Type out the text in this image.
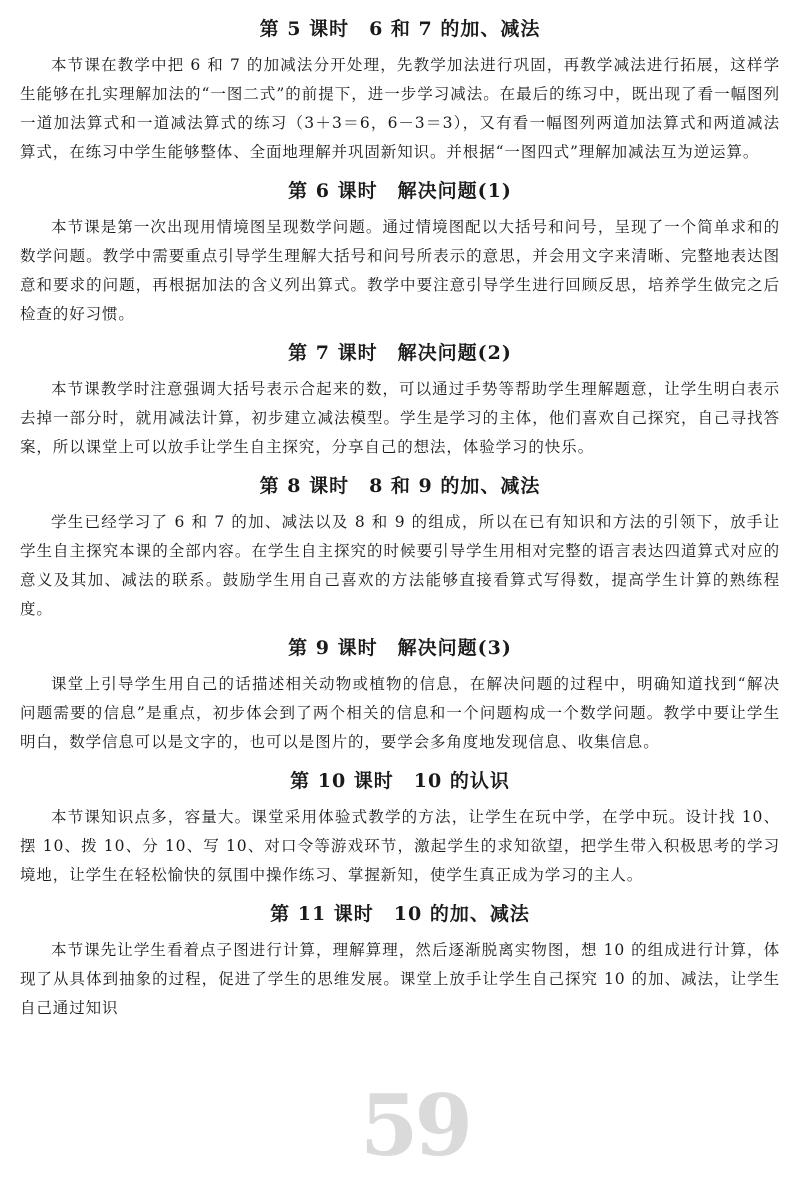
第 5 课时　6 和 7 的加、减法

本节课在教学中把 6 和 7 的加减法分开处理，先教学加法进行巩固，再教学减法进行拓展，这样学生能够在扎实理解加法的“一图二式”的前提下，进一步学习减法。在最后的练习中，既出现了看一幅图列一道加法算式和一道减法算式的练习（3＋3＝6，6－3＝3），又有看一幅图列两道加法算式和两道减法算式，在练习中学生能够整体、全面地理解并巩固新知识。并根据“一图四式”理解加减法互为逆运算。

第 6 课时　解决问题(1)

本节课是第一次出现用情境图呈现数学问题。通过情境图配以大括号和问号，呈现了一个简单求和的数学问题。教学中需要重点引导学生理解大括号和问号所表示的意思，并会用文字来清晰、完整地表达图意和要求的问题，再根据加法的含义列出算式。教学中要注意引导学生进行回顾反思，培养学生做完之后检查的好习惯。

第 7 课时　解决问题(2)

本节课教学时注意强调大括号表示合起来的数，可以通过手势等帮助学生理解题意，让学生明白表示去掉一部分时，就用减法计算，初步建立减法模型。学生是学习的主体，他们喜欢自己探究，自己寻找答案，所以课堂上可以放手让学生自主探究，分享自己的想法，体验学习的快乐。

第 8 课时　8 和 9 的加、减法

学生已经学习了 6 和 7 的加、减法以及 8 和 9 的组成，所以在已有知识和方法的引领下，放手让学生自主探究本课的全部内容。在学生自主探究的时候要引导学生用相对完整的语言表达四道算式对应的意义及其加、减法的联系。鼓励学生用自己喜欢的方法能够直接看算式写得数，提高学生计算的熟练程度。

第 9 课时　解决问题(3)

课堂上引导学生用自己的话描述相关动物或植物的信息，在解决问题的过程中，明确知道找到“解决问题需要的信息”是重点，初步体会到了两个相关的信息和一个问题构成一个数学问题。教学中要让学生明白，数学信息可以是文字的，也可以是图片的，要学会多角度地发现信息、收集信息。

第 10 课时　10 的认识

本节课知识点多，容量大。课堂采用体验式教学的方法，让学生在玩中学，在学中玩。设计找 10、摆 10、拨 10、分 10、写 10、对口令等游戏环节，激起学生的求知欲望，把学生带入积极思考的学习境地，让学生在轻松愉快的氛围中操作练习、掌握新知，使学生真正成为学习的主人。

第 11 课时　10 的加、减法

本节课先让学生看着点子图进行计算，理解算理，然后逐渐脱离实物图，想 10 的组成进行计算，体现了从具体到抽象的过程，促进了学生的思维发展。课堂上放手让学生自己探究 10 的加、减法，让学生自己通过知识

59
